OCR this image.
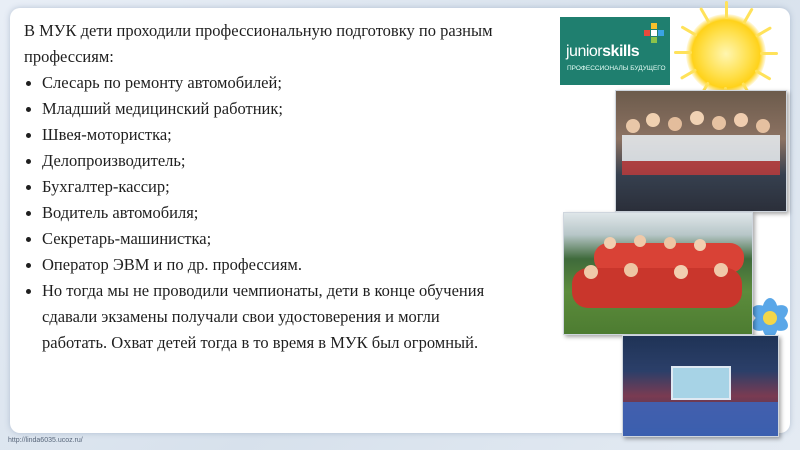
В МУК дети проходили профессиональную подготовку по разным
профессиям:

Слесарь по ремонту автомобилей;
Младший медицинский работник;
Швея-мотористка;
Делопроизводитель;
Бухгалтер-кассир;
Водитель автомобиля;
Секретарь-машинистка;
Оператор ЭВМ и по др. профессиям.
Но тогда мы не проводили чемпионаты, дети в конце обучения
сдавали экзамены получали свои удостоверения и могли
работать. Охват детей тогда в то время в МУК был огромный.
juniorskills
ПРОФЕССИОНАЛЫ БУДУЩЕГО
http://linda6035.ucoz.ru/
